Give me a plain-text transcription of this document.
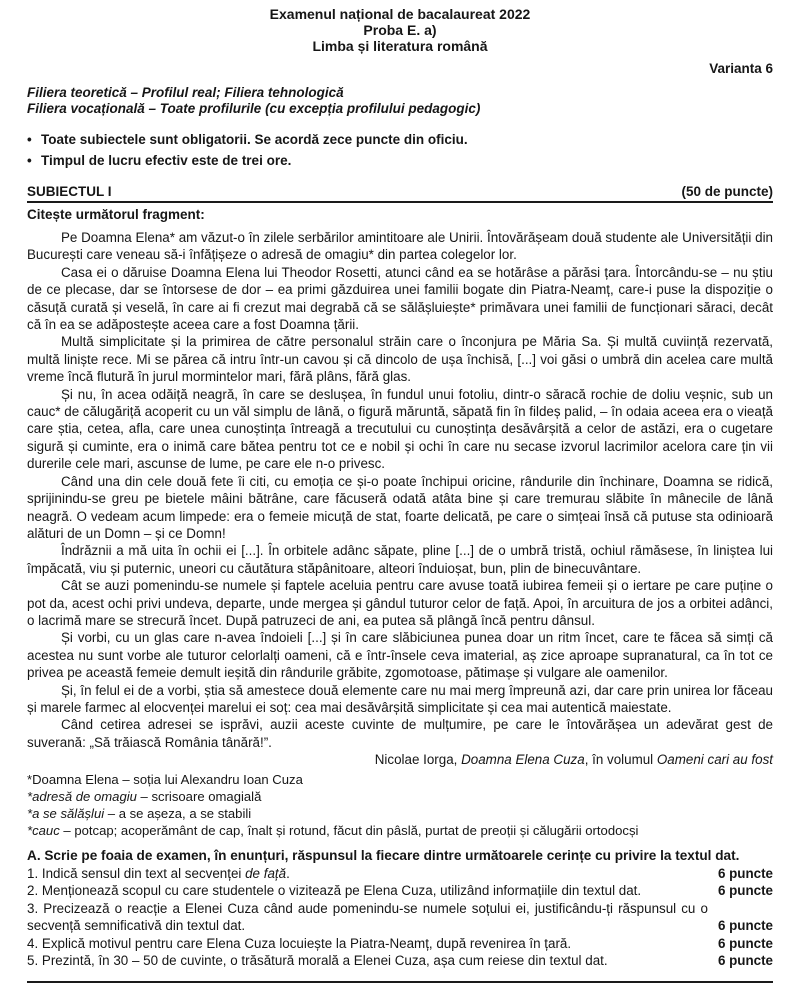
Examenul național de bacalaureat 2022
Proba E. a)
Limba și literatura română
Varianta 6
Filiera teoretică – Profilul real; Filiera tehnologică
Filiera vocațională – Toate profilurile (cu excepția profilului pedagogic)
• Toate subiectele sunt obligatorii. Se acordă zece puncte din oficiu.
• Timpul de lucru efectiv este de trei ore.
SUBIECTUL I	(50 de puncte)
Citește următorul fragment:

Pe Doamna Elena* am văzut-o în zilele serbărilor amintitoare ale Unirii. Întovărășeam două studente ale Universității din București care veneau să-i înfățișeze o adresă de omagiu* din partea colegelor lor.

Casa ei o dăruise Doamna Elena lui Theodor Rosetti, atunci când ea se hotărâse a părăsi țara. Întorcându-se – nu știu de ce plecase, dar se întorsese de dor – ea primi găzduirea unei familii bogate din Piatra-Neamț, care-i puse la dispoziție o căsuță curată și veselă, în care ai fi crezut mai degrabă că se sălășluiește* primăvara unei familii de funcționari săraci, decât că în ea se adăpostește aceea care a fost Doamna țării.

Multă simplicitate și la primirea de către personalul străin care o înconjura pe Măria Sa. Și multă cuviință rezervată, multă liniște rece. Mi se părea că intru într-un cavou și că dincolo de ușa închisă, [...] voi găsi o umbră din acelea care multă vreme încă flutură în jurul mormintelor mari, fără plâns, fără glas.

Și nu, în acea odăiță neagră, în care se deslușea, în fundul unui fotoliu, dintr-o săracă rochie de doliu veșnic, sub un cauc* de călugăriță acoperit cu un văl simplu de lână, o figură măruntă, săpată fin în fildeș palid, – în odaia aceea era o vieață care știa, cetea, afla, care unea cunoștința întreagă a trecutului cu cunoștința desăvârșită a celor de astăzi, era o cugetare sigură și cuminte, era o inimă care bătea pentru tot ce e nobil și ochi în care nu secase izvorul lacrimilor acelora care țin vii durerile cele mari, ascunse de lume, pe care ele n-o privesc.

Când una din cele două fete îi citi, cu emoția ce și-o poate închipui oricine, rândurile din închinare, Doamna se ridică, sprijinindu-se greu pe bietele mâini bătrâne, care făcuseră odată atâta bine și care tremurau slăbite în mânecile de lână neagră. O vedeam acum limpede: era o femeie micuță de stat, foarte delicată, pe care o simțeai însă că putuse sta odinioară alături de un Domn – și ce Domn!

Îndrăznii a mă uita în ochii ei [...]. În orbitele adânc săpate, pline [...] de o umbră tristă, ochiul rămăsese, în liniștea lui împăcată, viu și puternic, uneori cu căutătura stăpânitoare, alteori înduioșat, bun, plin de binecuvântare.

Cât se auzi pomenindu-se numele și faptele aceluia pentru care avuse toată iubirea femeii și o iertare pe care puține o pot da, acest ochi privi undeva, departe, unde mergea și gândul tuturor celor de față. Apoi, în arcuitura de jos a orbitei adânci, o lacrimă mare se strecură încet. După patruzeci de ani, ea putea să plângă încă pentru dânsul.

Și vorbi, cu un glas care n-avea îndoieli [...] și în care slăbiciunea punea doar un ritm încet, care te făcea să simți că acestea nu sunt vorbe ale tuturor celorlalți oameni, că e într-însele ceva imaterial, aș zice aproape supranatural, ca în tot ce privea pe această femeie demult ieșită din rândurile grăbite, zgomotoase, pătimașe și vulgare ale oamenilor.

Și, în felul ei de a vorbi, știa să amestece două elemente care nu mai merg împreună azi, dar care prin unirea lor făceau și marele farmec al elocvenței marelui ei soț: cea mai desăvârșită simplicitate și cea mai autentică maiestate.

Când cetirea adresei se isprăvi, auzii aceste cuvinte de mulțumire, pe care le întovărășea un adevărat gest de suverană: „Să trăiască România tânără!”.

Nicolae Iorga, Doamna Elena Cuza, în volumul Oameni cari au fost
*Doamna Elena – soția lui Alexandru Ioan Cuza
*adresă de omagiu – scrisoare omagială
*a se sălășlui – a se așeza, a se stabili
*cauc – potcap; acoperământ de cap, înalt și rotund, făcut din pâslă, purtat de preoții și călugării ortodocși
A. Scrie pe foaia de examen, în enunțuri, răspunsul la fiecare dintre următoarele cerințe cu privire la textul dat.
1. Indică sensul din text al secvenței de față.	6 puncte
2. Menționează scopul cu care studentele o vizitează pe Elena Cuza, utilizând informațiile din textul dat.	6 puncte
3. Precizează o reacție a Elenei Cuza când aude pomenindu-se numele soțului ei, justificându-ți răspunsul cu o secvență semnificativă din textul dat.	6 puncte
4. Explică motivul pentru care Elena Cuza locuiește la Piatra-Neamț, după revenirea în țară.	6 puncte
5. Prezintă, în 30 – 50 de cuvinte, o trăsătură morală a Elenei Cuza, așa cum reiese din textul dat.	6 puncte
